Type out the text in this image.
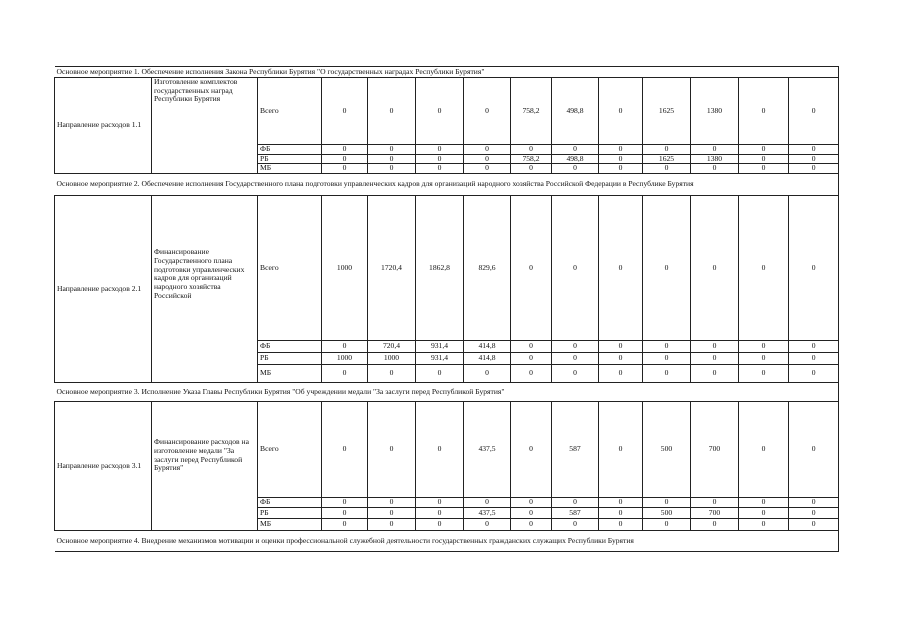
Основное мероприятие 1. Обеспечение исполнения Закона Республики Бурятия "О государственных наградах Республики Бурятия"													
Направление расходов 1.1	Изготовление комплектов государственных наград Республики Бурятия	Всего	0	0	0	0	758,2	498,8	0	1625	1380	0	0
		ФБ	0	0	0	0	0	0	0	0	0	0	0
		РБ	0	0	0	0	758,2	498,8	0	1625	1380	0	0
		МБ	0	0	0	0	0	0	0	0	0	0	0
Основное мероприятие 2. Обеспечение исполнения Государственного плана подготовки управленческих кадров для организаций народного хозяйства Российской Федерации в Республике Бурятия													
Направление расходов 2.1	Финансирование Государственного плана подготовки управленческих кадров для организаций народного хозяйства Российской	Всего	1000	1720,4	1862,8	829,6	0	0	0	0	0	0	0
		ФБ	0	720,4	931,4	414,8	0	0	0	0	0	0	0
		РБ	1000	1000	931,4	414,8	0	0	0	0	0	0	0
		МБ	0	0	0	0	0	0	0	0	0	0	0
Основное мероприятие 3. Исполнение Указа Главы Республики Бурятия "Об учреждении медали "За заслуги перед Республикой Бурятия"													
Направление расходов 3.1	Финансирование расходов на изготовление медали "За заслуги перед Республикой Бурятия"	Всего	0	0	0	437,5	0	587	0	500	700	0	0
		ФБ	0	0	0	0	0	0	0	0	0	0	0
		РБ	0	0	0	437,5	0	587	0	500	700	0	0
		МБ	0	0	0	0	0	0	0	0	0	0	0
Основное мероприятие 4. Внедрение механизмов мотивации и оценки профессиональной служебной деятельности государственных гражданских служащих Республики Бурятия													
